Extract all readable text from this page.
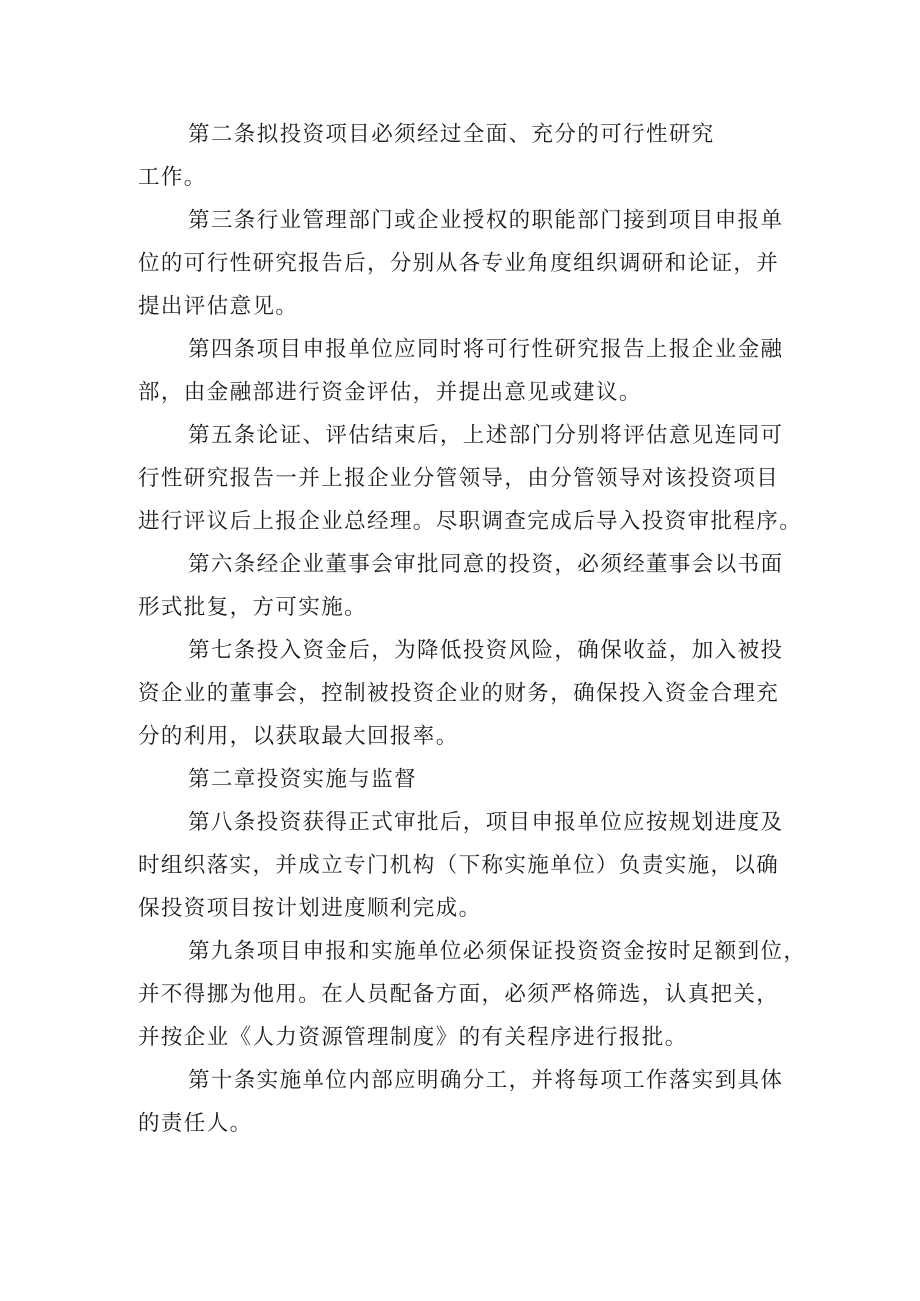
第二条拟投资项目必须经过全面、充分的可行性研究
工作。
第三条行业管理部门或企业授权的职能部门接到项目申报单
位的可行性研究报告后，分别从各专业角度组织调研和论证，并
提出评估意见。
第四条项目申报单位应同时将可行性研究报告上报企业金融
部，由金融部进行资金评估，并提出意见或建议。
第五条论证、评估结束后，上述部门分别将评估意见连同可
行性研究报告一并上报企业分管领导，由分管领导对该投资项目
进行评议后上报企业总经理。尽职调查完成后导入投资审批程序。
第六条经企业董事会审批同意的投资，必须经董事会以书面
形式批复，方可实施。
第七条投入资金后，为降低投资风险，确保收益，加入被投
资企业的董事会，控制被投资企业的财务，确保投入资金合理充
分的利用，以获取最大回报率。
第二章投资实施与监督
第八条投资获得正式审批后，项目申报单位应按规划进度及
时组织落实，并成立专门机构（下称实施单位）负责实施，以确
保投资项目按计划进度顺利完成。
第九条项目申报和实施单位必须保证投资资金按时足额到位，
并不得挪为他用。在人员配备方面，必须严格筛选，认真把关，
并按企业《人力资源管理制度》的有关程序进行报批。
第十条实施单位内部应明确分工，并将每项工作落实到具体
的责任人。
